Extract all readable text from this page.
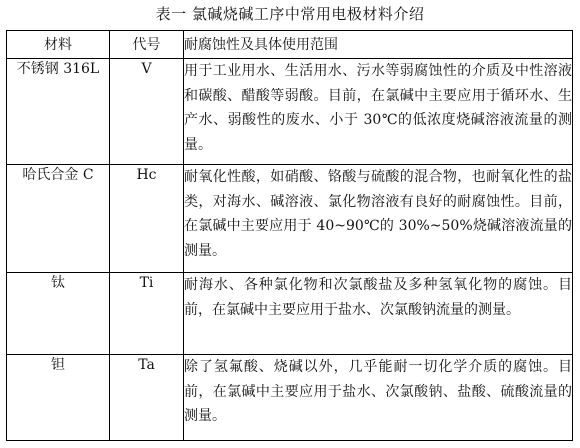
表一 氯碱烧碱工序中常用电极材料介绍
材料	代号	耐腐蚀性及具体使用范围
不锈钢 316L	V	用于工业用水、生活用水、污水等弱腐蚀性的介质及中性溶液和碳酸、醋酸等弱酸。目前，在氯碱中主要应用于循环水、生产水、弱酸性的废水、小于 30℃的低浓度烧碱溶液流量的测量。
哈氏合金 C	Hc	耐氧化性酸，如硝酸、铬酸与硫酸的混合物，也耐氧化性的盐类，对海水、碱溶液、氯化物溶液有良好的耐腐蚀性。目前，在氯碱中主要应用于 40~90℃的 30%~50%烧碱溶液流量的测量。
钛	Ti	耐海水、各种氯化物和次氯酸盐及多种氢氧化物的腐蚀。目前，在氯碱中主要应用于盐水、次氯酸钠流量的测量。
钽	Ta	除了氢氟酸、烧碱以外，几乎能耐一切化学介质的腐蚀。目前，在氯碱中主要应用于盐水、次氯酸钠、盐酸、硫酸流量的测量。
